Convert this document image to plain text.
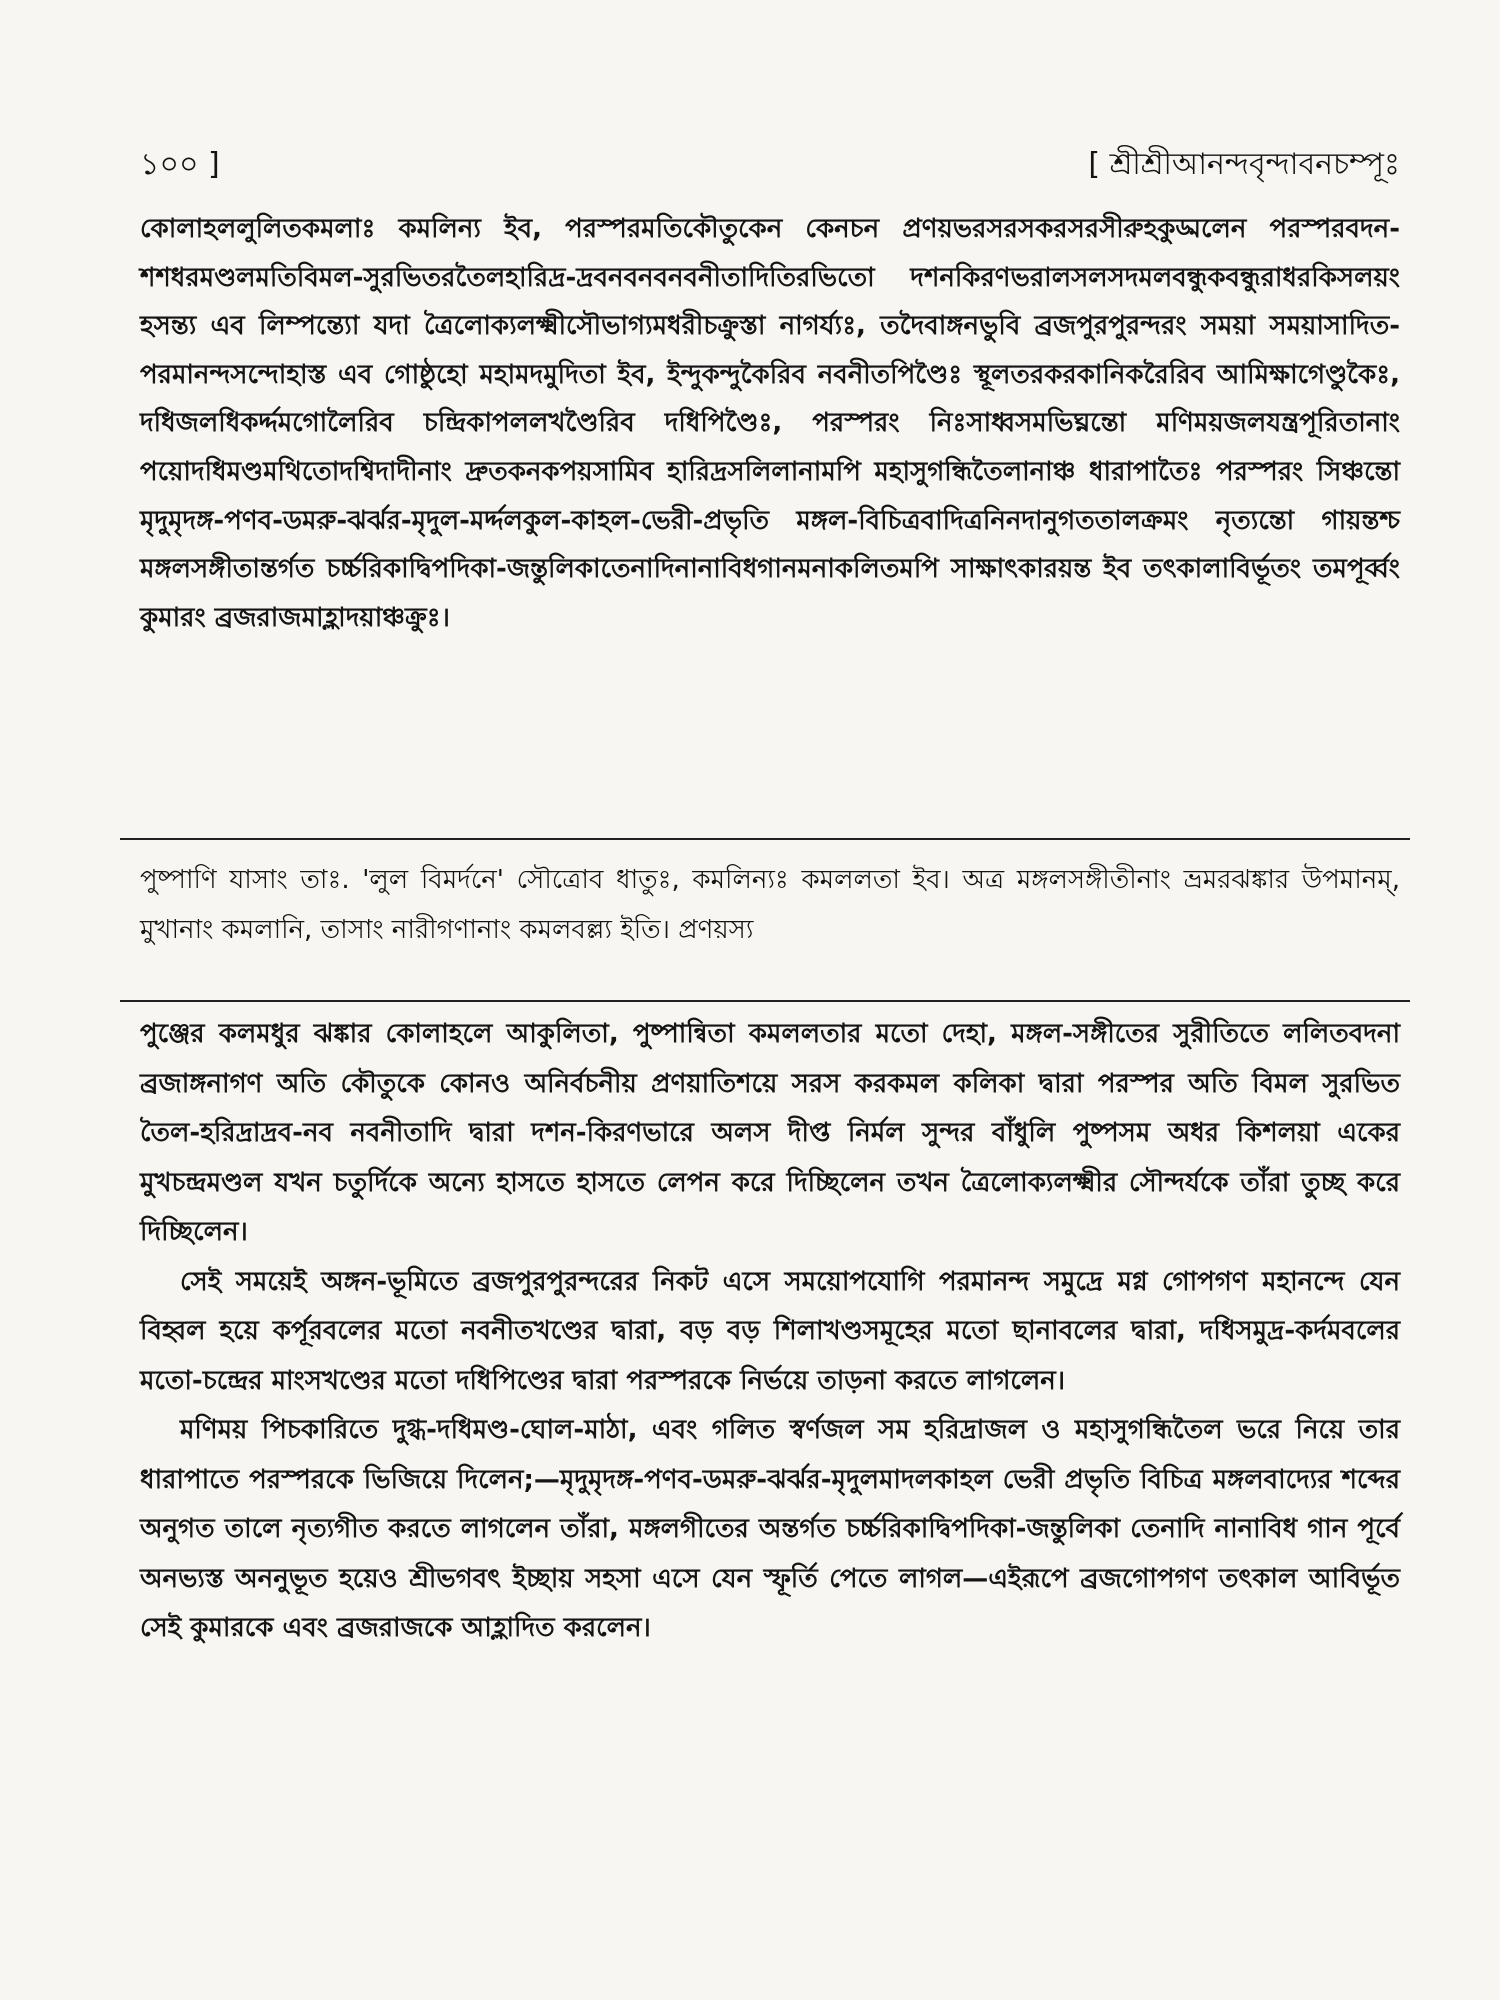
১০০ ]	[ শ্রীশ্রীআনন্দবৃন্দাবনচম্পূঃ

কোলাহললুলিতকমলাঃ কমলিন্য ইব, পরস্পরমতিকৌতুকেন কেনচন প্রণয়ভরসরসকরসরসীরুহকুড্মলেন পরস্পরবদন-শশধরমণ্ডলমতিবিমল-সুরভিতরতৈলহারিদ্র-দ্রবনবনবনবনীতাদিতিরভিতো দশনকিরণভরালসলসদমলবন্ধুকবন্ধুরাধরকিসলয়ং হসন্ত্য এব লিম্পন্ত্যো যদা ত্রৈলোক্যলক্ষ্মীসৌভাগ্যমধরীচক্রুস্তা নাগর্য্যঃ, তদৈবাঙ্গনভুবি ব্রজপুরপুরন্দরং সময়া সময়াসাদিত-পরমানন্দসন্দোহাস্ত এব গোষ্ঠুহো মহামদমুদিতা ইব, ইন্দুকন্দুকৈরিব নবনীতপিণ্ডৈঃ স্থূলতরকরকানিকরৈরিব আমিক্ষাগেণ্ডুকৈঃ, দধিজলধিকর্দ্দমগোলৈরিব চন্দ্রিকাপললখণ্ডৈরিব দধিপিণ্ডৈঃ, পরস্পরং নিঃসাধ্বসমভিঘ্নন্তো মণিময়জলযন্ত্রপূরিতানাং পয়োদধিমণ্ডমথিতোদশ্বিদাদীনাং দ্রুতকনকপয়সামিব হারিদ্রসলিলানামপি মহাসুগন্ধিতৈলানাঞ্চ ধারাপাতৈঃ পরস্পরং সিঞ্চন্তো মৃদুমৃদঙ্গ-পণব-ডমরু-ঝর্ঝর-মৃদুল-মর্দ্দলকুল-কাহল-ভেরী-প্রভৃতি মঙ্গল-বিচিত্রবাদিত্রনিনদানুগততালক্রমং নৃত্যন্তো গায়ন্তশ্চ মঙ্গলসঙ্গীতান্তর্গত চর্চ্চরিকাদ্বিপদিকা-জন্তুলিকাতেনাদিনানাবিধগানমনাকলিতমপি সাক্ষাৎকারয়ন্ত ইব তৎকালাবির্ভূতং তমপূর্ব্বং কুমারং ব্রজরাজমাহ্লাদয়াঞ্চক্রুঃ।

পুষ্পাণি যাসাং তাঃ. 'লুল বিমর্দনে' সৌত্রোব ধাতুঃ, কমলিন্যঃ কমললতা ইব। অত্র মঙ্গলসঙ্গীতীনাং ভ্রমরঝঙ্কার উপমানম্, মুখানাং কমলানি, তাসাং নারীগণানাং কমলবল্ল্য ইতি। প্রণয়স্য

পুঞ্জের কলমধুর ঝঙ্কার কোলাহলে আকুলিতা, পুষ্পান্বিতা কমললতার মতো দেহা, মঙ্গল-সঙ্গীতের সুরীতিতে ললিতবদনা ব্রজাঙ্গনাগণ অতি কৌতুকে কোনও অনির্বচনীয় প্রণয়াতিশয়ে সরস করকমল কলিকা দ্বারা পরস্পর অতি বিমল সুরভিত তৈল-হরিদ্রাদ্রব-নব নবনীতাদি দ্বারা দশন-কিরণভারে অলস দীপ্ত নির্মল সুন্দর বাঁধুলি পুষ্পসম অধর কিশলয়া একের মুখচন্দ্রমণ্ডল যখন চতুর্দিকে অন্যে হাসতে হাসতে লেপন করে দিচ্ছিলেন তখন ত্রৈলোক্যলক্ষ্মীর সৌন্দর্যকে তাঁরা তুচ্ছ করে দিচ্ছিলেন।

সেই সময়েই অঙ্গন-ভূমিতে ব্রজপুরপুরন্দরের নিকট এসে সময়োপযোগি পরমানন্দ সমুদ্রে মগ্ন গোপগণ মহানন্দে যেন বিহ্বল হয়ে কর্পূরবলের মতো নবনীতখণ্ডের দ্বারা, বড় বড় শিলাখণ্ডসমূহের মতো ছানাবলের দ্বারা, দধিসমুদ্র-কর্দমবলের মতো-চন্দ্রের মাংসখণ্ডের মতো দধিপিণ্ডের দ্বারা পরস্পরকে নির্ভয়ে তাড়না করতে লাগলেন।

মণিময় পিচকারিতে দুগ্ধ-দধিমণ্ড-ঘোল-মাঠা, এবং গলিত স্বর্ণজল সম হরিদ্রাজল ও মহাসুগন্ধিতৈল ভরে নিয়ে তার ধারাপাতে পরস্পরকে ভিজিয়ে দিলেন;—মৃদুমৃদঙ্গ-পণব-ডমরু-ঝর্ঝর-মৃদুলমাদলকাহল ভেরী প্রভৃতি বিচিত্র মঙ্গলবাদ্যের শব্দের অনুগত তালে নৃত্যগীত করতে লাগলেন তাঁরা, মঙ্গলগীতের অন্তর্গত চর্চ্চরিকাদ্বিপদিকা-জন্তুলিকা তেনাদি নানাবিধ গান পূর্বে অনভ্যস্ত অননুভূত হয়েও শ্রীভগবৎ ইচ্ছায় সহসা এসে যেন স্ফূর্তি পেতে লাগল—এইরূপে ব্রজগোপগণ তৎকাল আবির্ভূত সেই কুমারকে এবং ব্রজরাজকে আহ্লাদিত করলেন।
